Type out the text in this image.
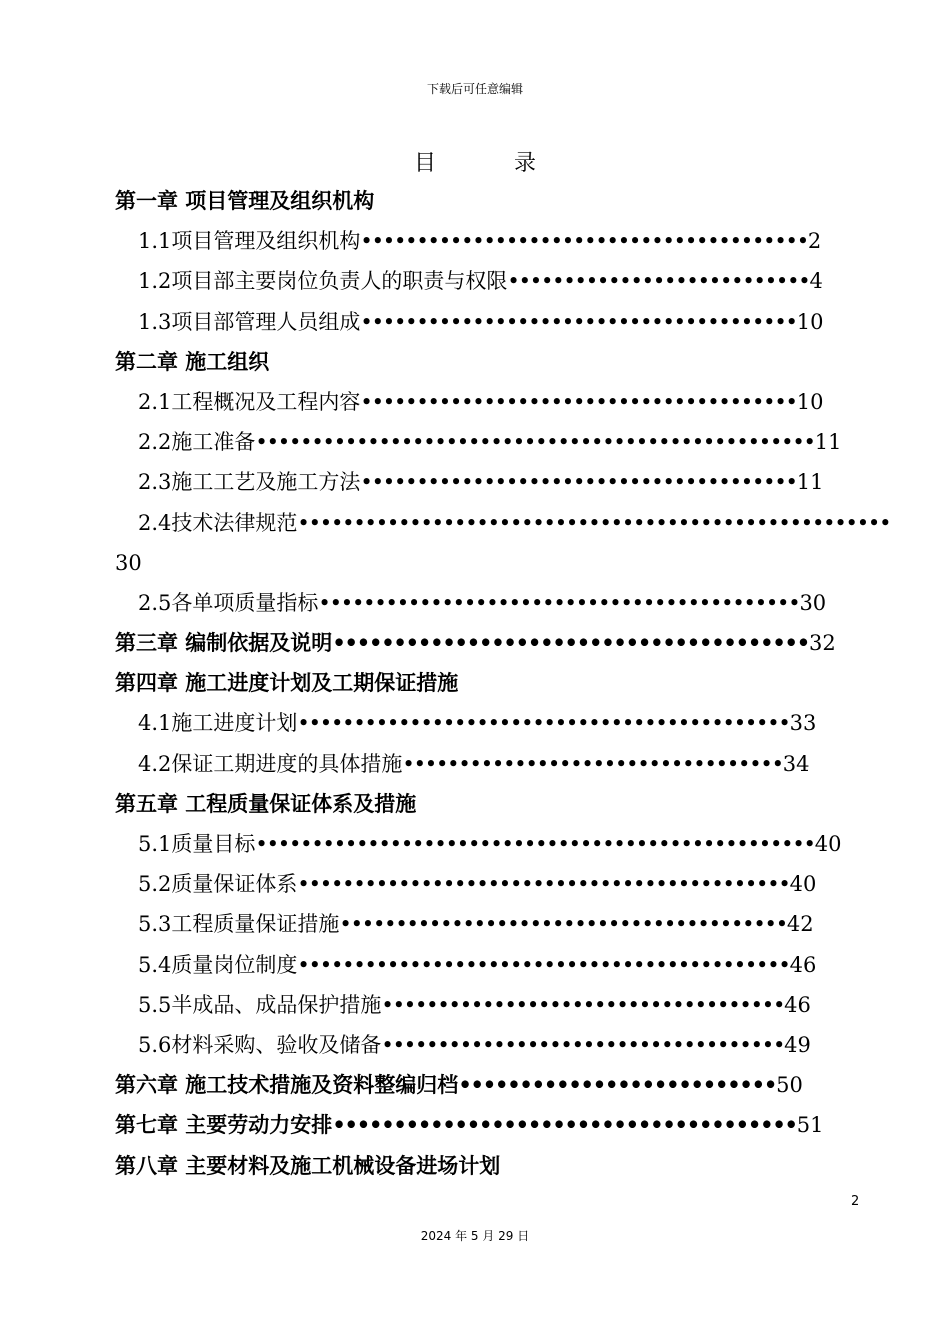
下载后可任意编辑
目	录
第一章 项目管理及组织机构
1.1项目管理及组织机构••••••••••••••••••••••••••••••••••••••••2
1.2项目部主要岗位负责人的职责与权限•••••••••••••••••••••••••••4
1.3项目部管理人员组成•••••••••••••••••••••••••••••••••••••••10
第二章 施工组织
2.1工程概况及工程内容•••••••••••••••••••••••••••••••••••••••10
2.2施工准备••••••••••••••••••••••••••••••••••••••••••••••••••11
2.3施工工艺及施工方法•••••••••••••••••••••••••••••••••••••••11
2.4技术法律规范•••••••••••••••••••••••••••••••••••••••••••••••••••••
30
2.5各单项质量指标•••••••••••••••••••••••••••••••••••••••••••30
第三章 编制依据及说明•••••••••••••••••••••••••••••••••••••••32
第四章 施工进度计划及工期保证措施
4.1施工进度计划••••••••••••••••••••••••••••••••••••••••••••33
4.2保证工期进度的具体措施••••••••••••••••••••••••••••••••••34
第五章 工程质量保证体系及措施
5.1质量目标••••••••••••••••••••••••••••••••••••••••••••••••••40
5.2质量保证体系••••••••••••••••••••••••••••••••••••••••••••40
5.3工程质量保证措施••••••••••••••••••••••••••••••••••••••••42
5.4质量岗位制度••••••••••••••••••••••••••••••••••••••••••••46
5.5半成品、成品保护措施••••••••••••••••••••••••••••••••••••46
5.6材料采购、验收及储备••••••••••••••••••••••••••••••••••••49
第六章 施工技术措施及资料整编归档••••••••••••••••••••••••••50
第七章 主要劳动力安排••••••••••••••••••••••••••••••••••••••51
第八章 主要材料及施工机械设备进场计划
2
2024 年 5 月 29 日
